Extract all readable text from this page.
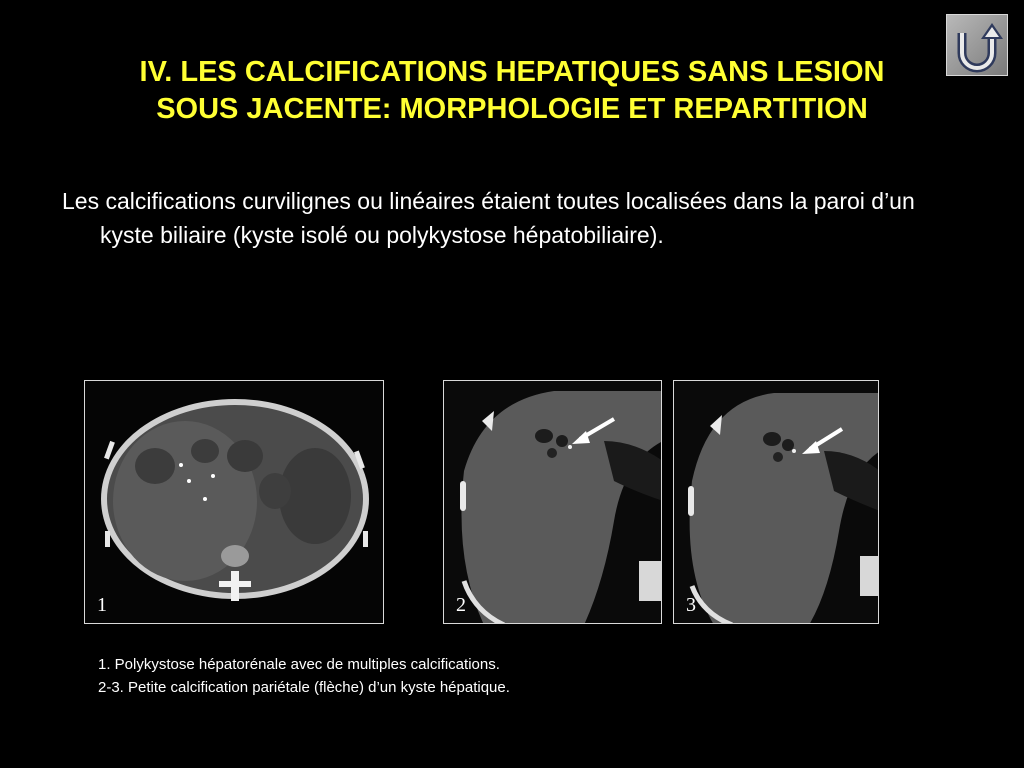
IV. LES CALCIFICATIONS HEPATIQUES SANS LESION
SOUS JACENTE: MORPHOLOGIE ET REPARTITION
Les calcifications curvilignes ou linéaires étaient toutes localisées dans la paroi d’un kyste biliaire (kyste isolé ou polykystose hépatobiliaire).
1	2	3
1. Polykystose hépatorénale avec de multiples calcifications.
2-3. Petite calcification pariétale (flèche) d’un kyste hépatique.
